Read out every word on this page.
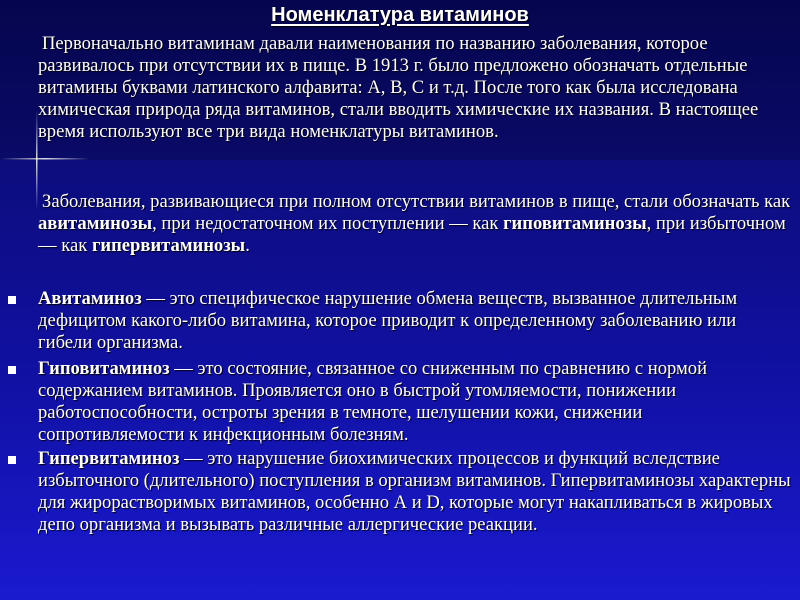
Номенклатура витаминов

Первоначально витаминам давали наименования по названию заболевания, которое развивалось при отсутствии их в пище. В 1913 г. было предложено обозначать отдельные витамины буквами латинского алфавита: A, B, C и т.д. После того как была исследована химическая природа ряда витаминов, стали вводить химические их названия. В настоящее время используют все три вида номенклатуры витаминов.

Заболевания, развивающиеся при полном отсутствии витаминов в пище, стали обозначать как авитаминозы, при недостаточном их поступлении — как гиповитаминозы, при избыточном — как гипервитаминозы.

Авитаминоз — это специфическое нарушение обмена веществ, вызванное длительным дефицитом какого-либо витамина, которое приводит к определенному заболеванию или гибели организма.
Гиповитаминоз — это состояние, связанное со сниженным по сравнению с нормой содержанием витаминов. Проявляется оно в быстрой утомляемости, понижении работоспособности, остроты зрения в темноте, шелушении кожи, снижении сопротивляемости к инфекционным болезням.
Гипервитаминоз — это нарушение биохимических процессов и функций вследствие избыточного (длительного) поступления в организм витаминов. Гипервитаминозы характерны для жирорастворимых витаминов, особенно А и D, которые могут накапливаться в жировых депо организма и вызывать различные аллергические реакции.
